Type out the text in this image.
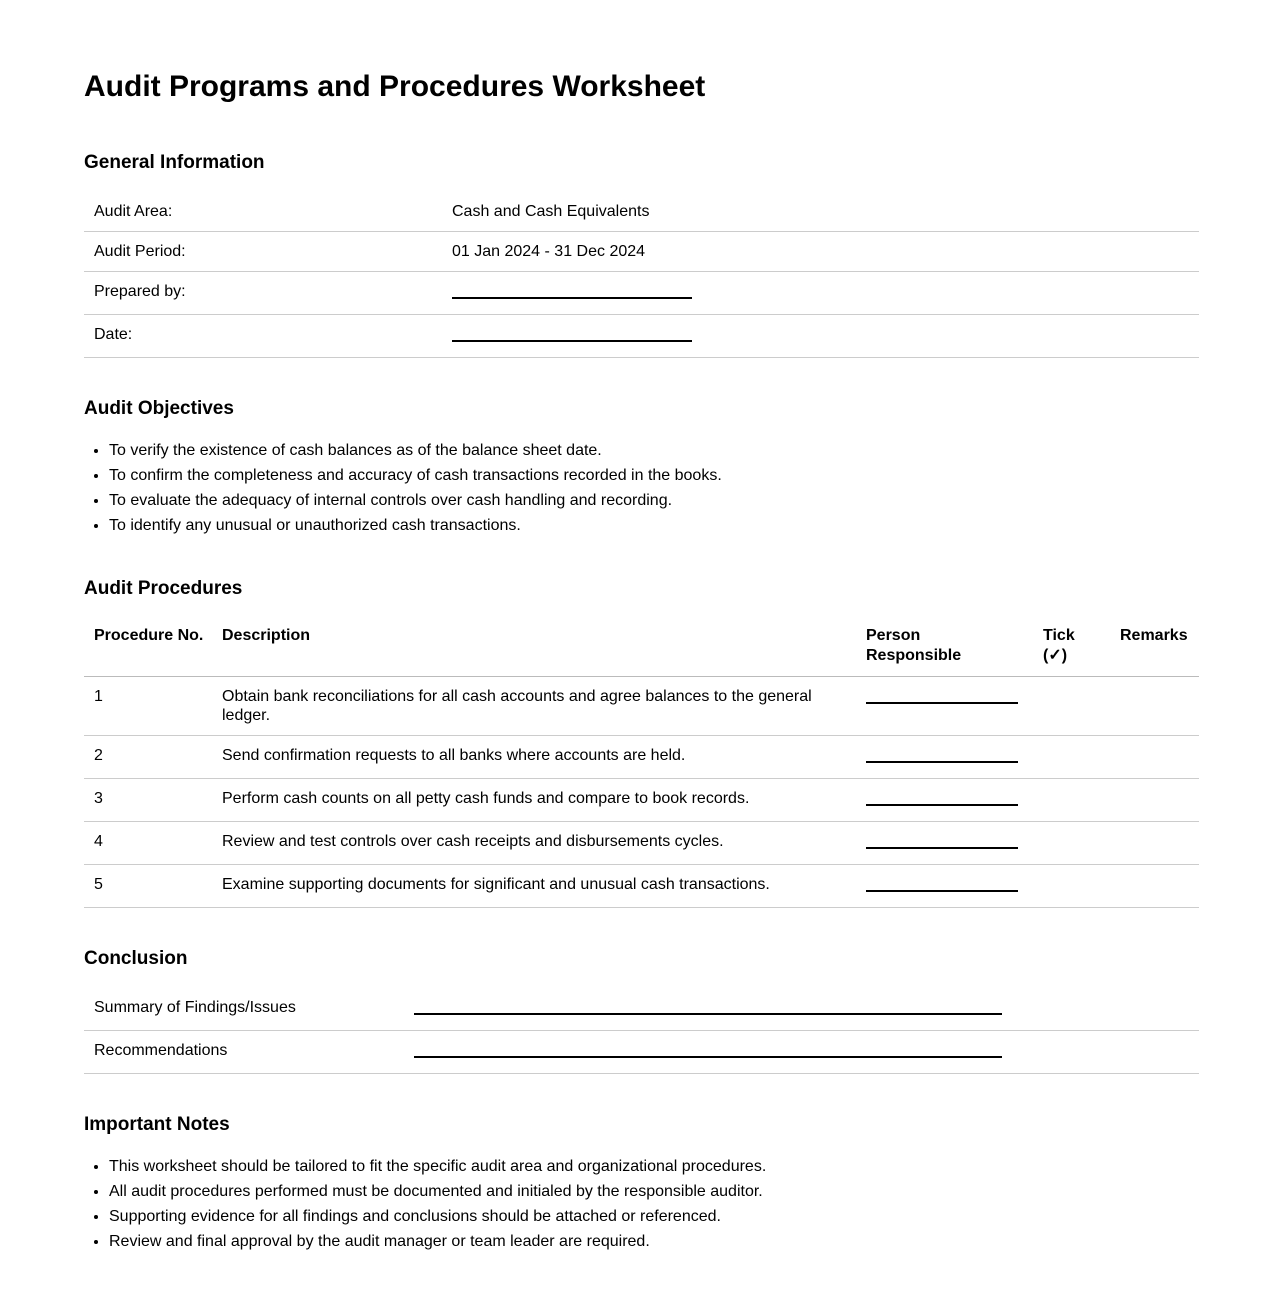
Audit Programs and Procedures Worksheet
General Information
Audit Area:	Cash and Cash Equivalents
Audit Period:	01 Jan 2024 - 31 Dec 2024
Prepared by:	
Date:	
Audit Objectives
• To verify the existence of cash balances as of the balance sheet date.
• To confirm the completeness and accuracy of cash transactions recorded in the books.
• To evaluate the adequacy of internal controls over cash handling and recording.
• To identify any unusual or unauthorized cash transactions.
Audit Procedures
Procedure No.	Description	Person Responsible	Tick (✓)	Remarks
1	Obtain bank reconciliations for all cash accounts and agree balances to the general ledger.			
2	Send confirmation requests to all banks where accounts are held.			
3	Perform cash counts on all petty cash funds and compare to book records.			
4	Review and test controls over cash receipts and disbursements cycles.			
5	Examine supporting documents for significant and unusual cash transactions.			
Conclusion
Summary of Findings/Issues	
Recommendations	
Important Notes
• This worksheet should be tailored to fit the specific audit area and organizational procedures.
• All audit procedures performed must be documented and initialed by the responsible auditor.
• Supporting evidence for all findings and conclusions should be attached or referenced.
• Review and final approval by the audit manager or team leader are required.
